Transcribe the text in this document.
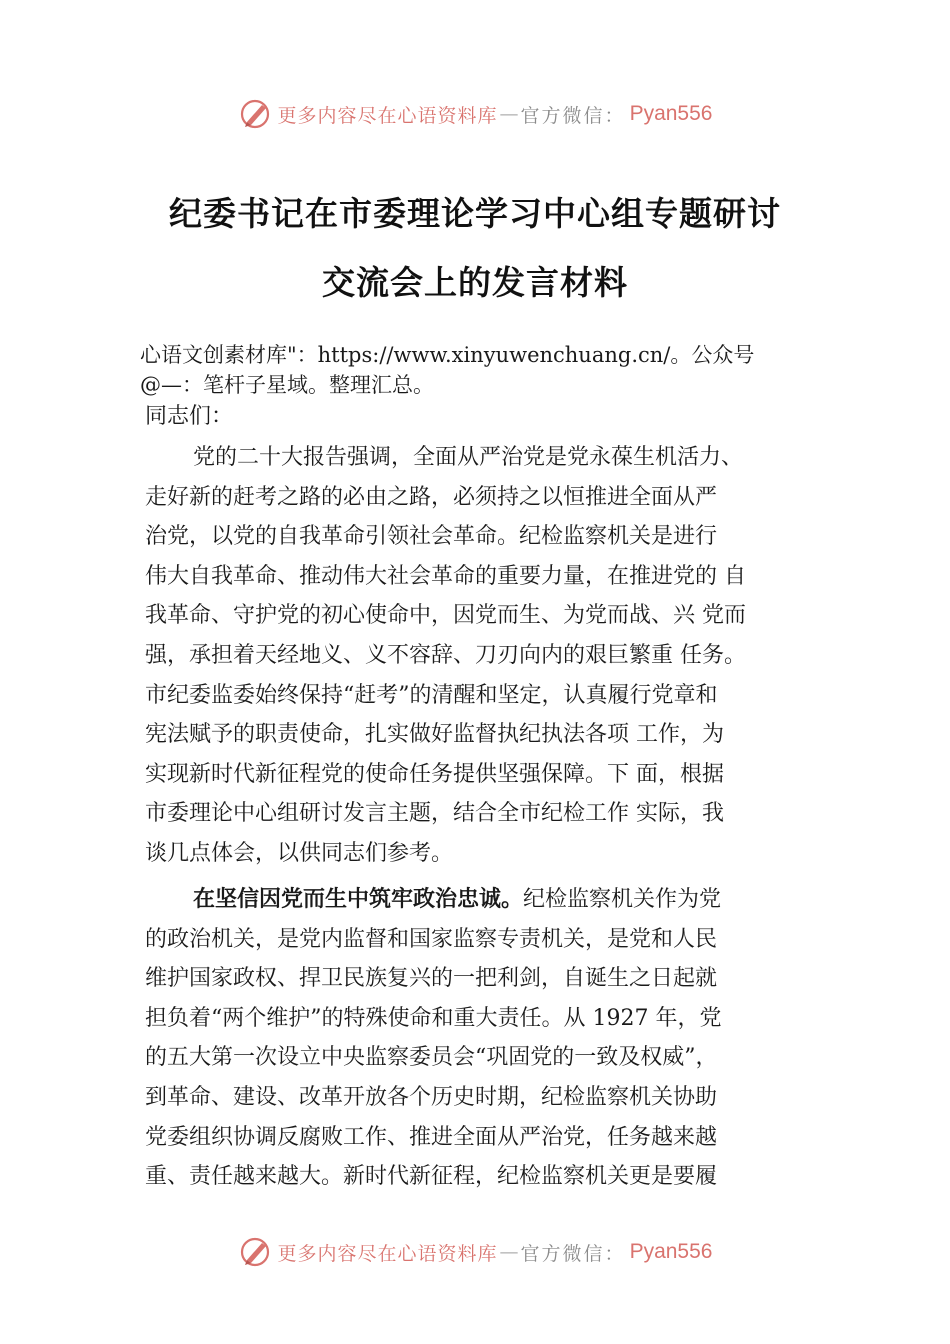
更多内容尽在心语资料库 — 官方微信： Pyan556
纪委书记在市委理论学习中心组专题研讨
交流会上的发言材料
心语文创素材库"：https://www.xinyuwenchuang.cn/。公众号
@—：笔杆子星域。整理汇总。
同志们：
党的二十大报告强调，全面从严治党是党永葆生机活力、
走好新的赶考之路的必由之路，必须持之以恒推进全面从严
治党，以党的自我革命引领社会革命。纪检监察机关是进行
伟大自我革命、推动伟大社会革命的重要力量，在推进党的 自
我革命、守护党的初心使命中，因党而生、为党而战、兴 党而
强，承担着天经地义、义不容辞、刀刃向内的艰巨繁重 任务。
市纪委监委始终保持“赶考”的清醒和坚定，认真履行党章和
宪法赋予的职责使命，扎实做好监督执纪执法各项 工作，为
实现新时代新征程党的使命任务提供坚强保障。下 面，根据
市委理论中心组研讨发言主题，结合全市纪检工作 实际，我
谈几点体会，以供同志们参考。
在坚信因党而生中筑牢政治忠诚。纪检监察机关作为党
的政治机关，是党内监督和国家监察专责机关，是党和人民
维护国家政权、捍卫民族复兴的一把利剑，自诞生之日起就
担负着“两个维护”的特殊使命和重大责任。从 1927 年，党
的五大第一次设立中央监察委员会“巩固党的一致及权威”，
到革命、建设、改革开放各个历史时期，纪检监察机关协助
党委组织协调反腐败工作、推进全面从严治党，任务越来越
重、责任越来越大。新时代新征程，纪检监察机关更是要履
更多内容尽在心语资料库 — 官方微信： Pyan556
